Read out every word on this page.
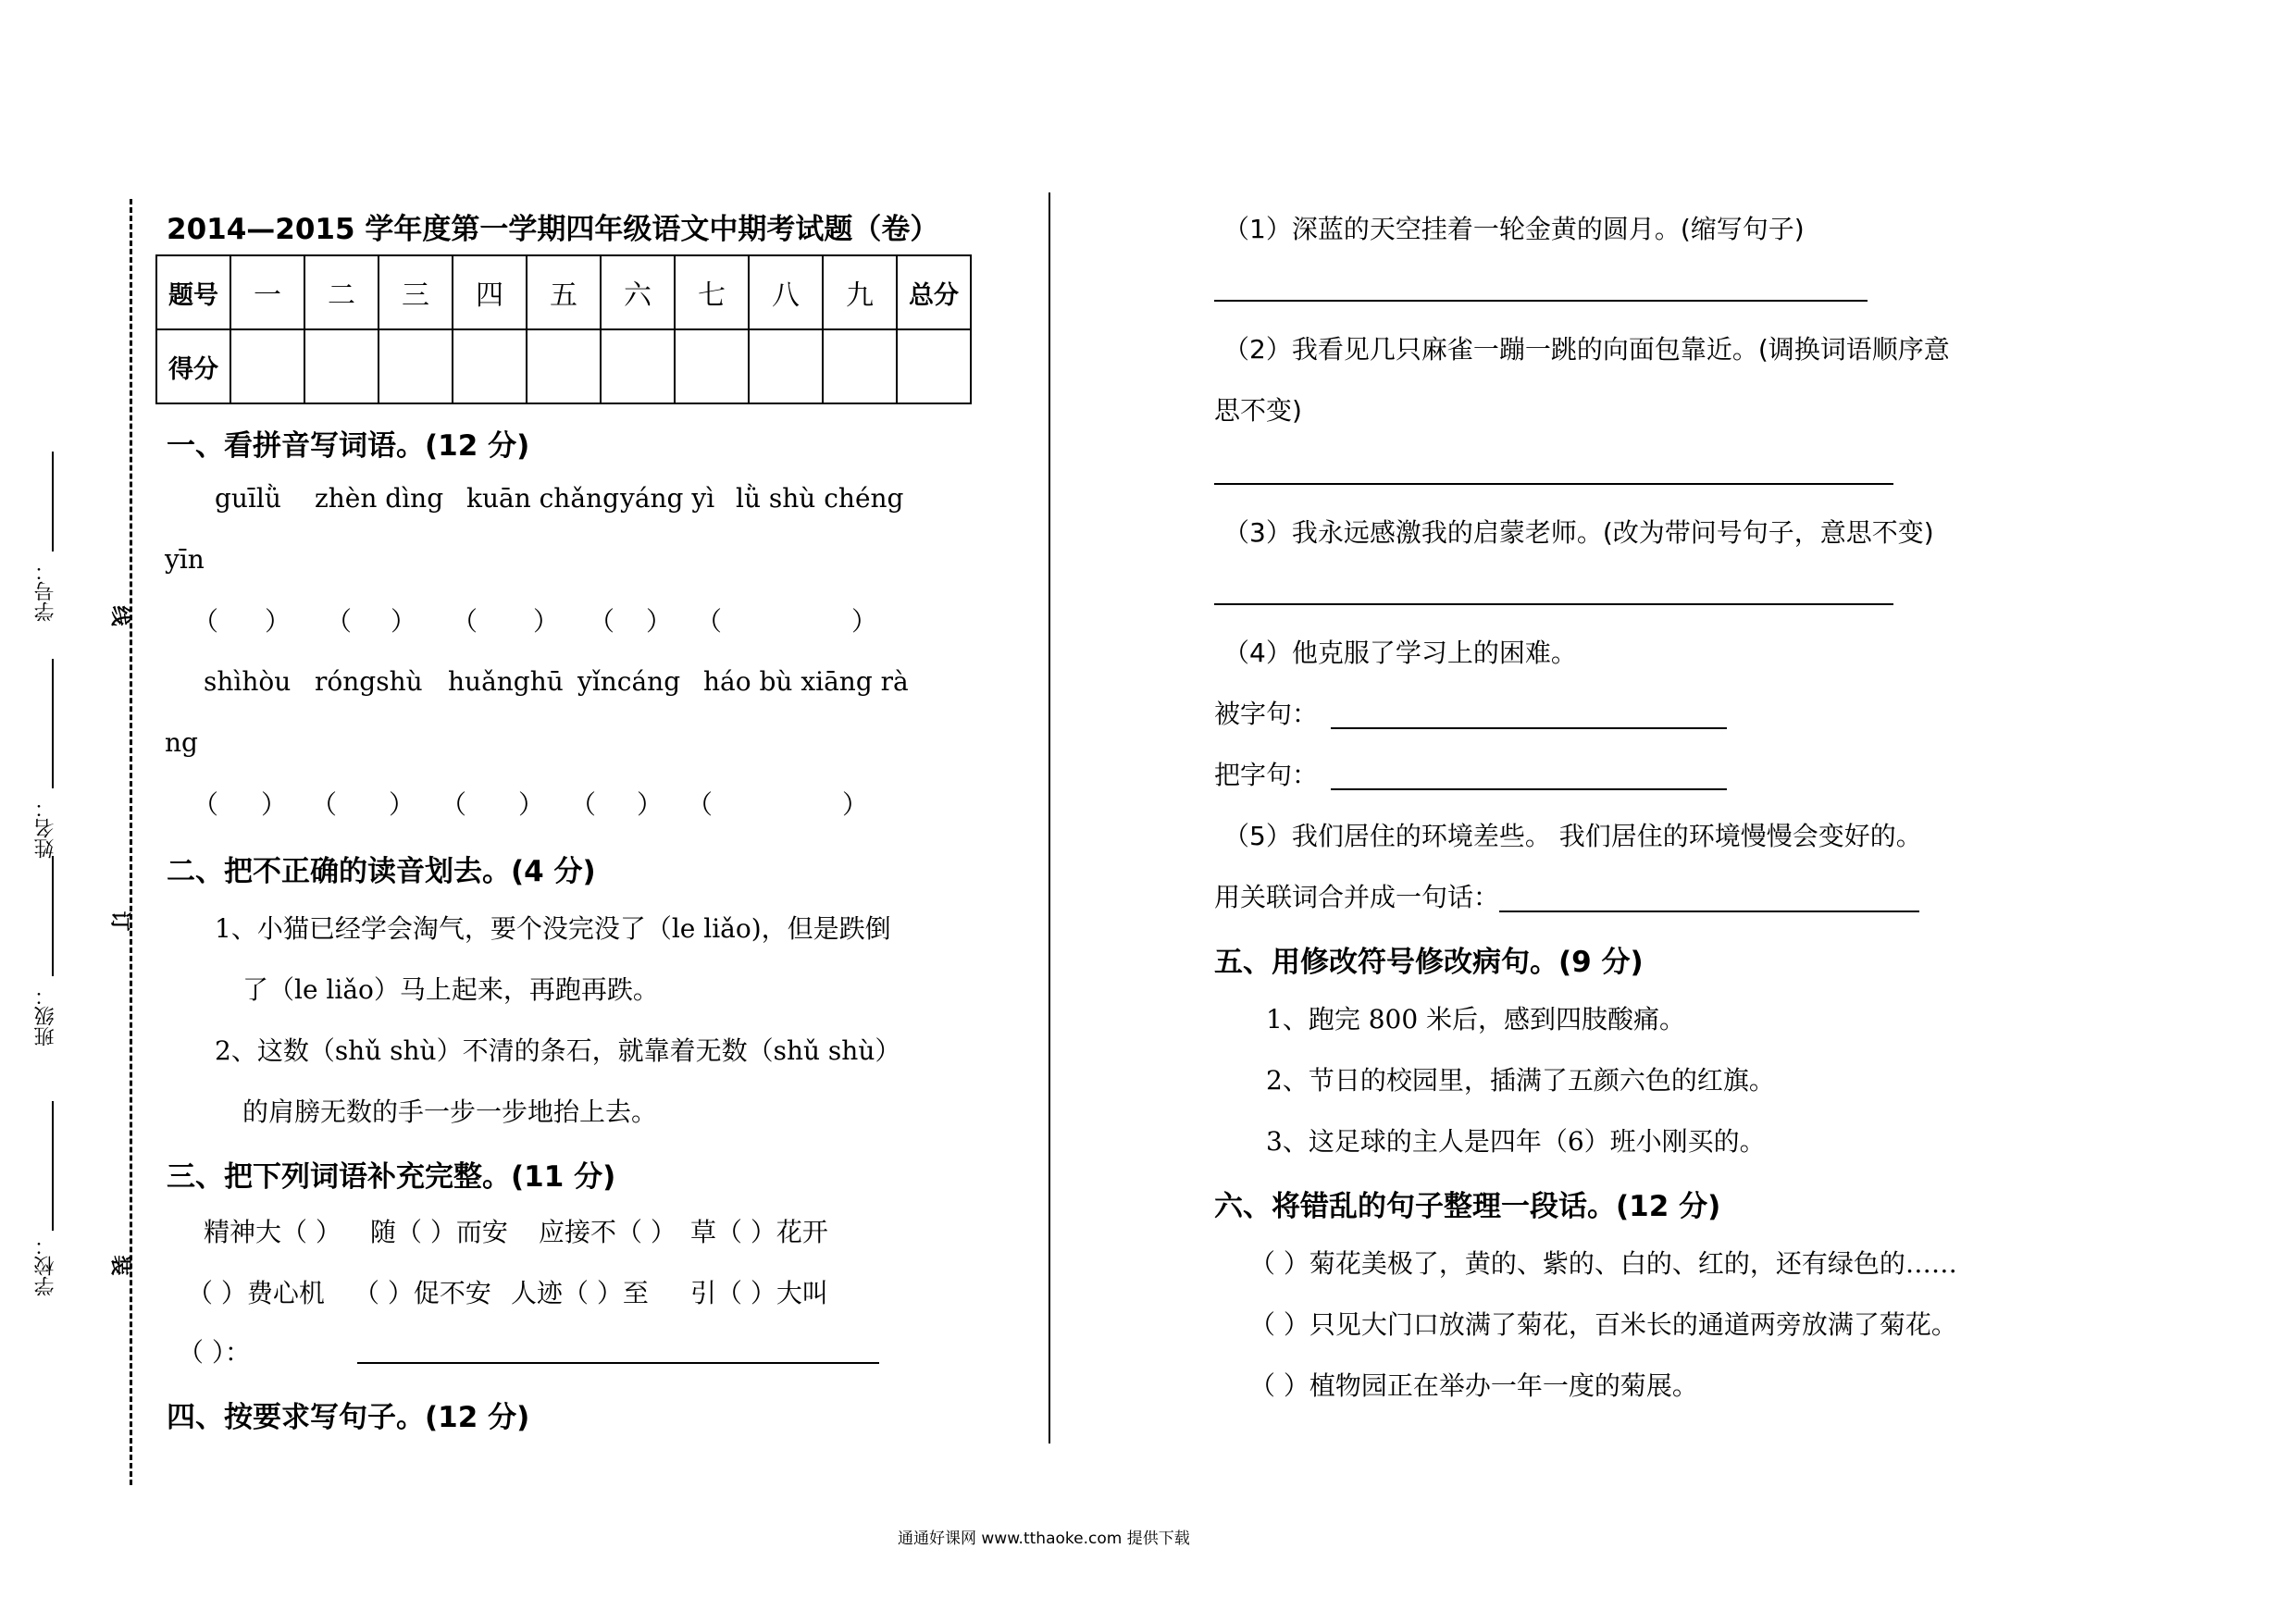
学号：
姓名：
班级：
学校：
线
订
装
2014—2015 学年度第一学期四年级语文中期考试题（卷）
题号	一	二	三	四	五	六	七	八	九	总分
得分										
一、看拼音写词语。(12 分)
guīlǜ zhèn dìng kuān chǎng yáng yì lǜ shù chéng
yīn
（ ） （ ） （ ） （ ） （	）
shìhòu róngshù huǎnghū yǐncáng háo bù xiāng rà
ng
（ ） （ ） （ ） （ ） （	）
二、把不正确的读音划去。(4 分)
1、小猫已经学会淘气，要个没完没了（le liǎo)，但是跌倒
了（le liǎo）马上起来，再跑再跌。
2、这数（shǔ shù）不清的条石，就靠着无数（shǔ shù）
的肩膀无数的手一步一步地抬上去。
三、把下列词语补充完整。(11 分)
精神大（ ） 随（ ）而安 应接不（ ） 草（ ）花开
（ ）费心机 （ ）促不安 人迹（ ）至 引（ ）大叫
（ ）：
四、按要求写句子。(12 分)
（1）深蓝的天空挂着一轮金黄的圆月。(缩写句子)
（2）我看见几只麻雀一蹦一跳的向面包靠近。(调换词语顺序意
思不变)
（3）我永远感激我的启蒙老师。(改为带问号句子，意思不变)
（4）他克服了学习上的困难。
被字句：
把字句：
（5）我们居住的环境差些。 我们居住的环境慢慢会变好的。
用关联词合并成一句话：
五、用修改符号修改病句。(9 分)
1、跑完 800 米后，感到四肢酸痛。
2、节日的校园里，插满了五颜六色的红旗。
3、这足球的主人是四年（6）班小刚买的。
六、将错乱的句子整理一段话。(12 分)
（ ）菊花美极了，黄的、紫的、白的、红的，还有绿色的……
（ ）只见大门口放满了菊花，百米长的通道两旁放满了菊花。
（ ）植物园正在举办一年一度的菊展。
通通好课网 www.tthaoke.com 提供下载
